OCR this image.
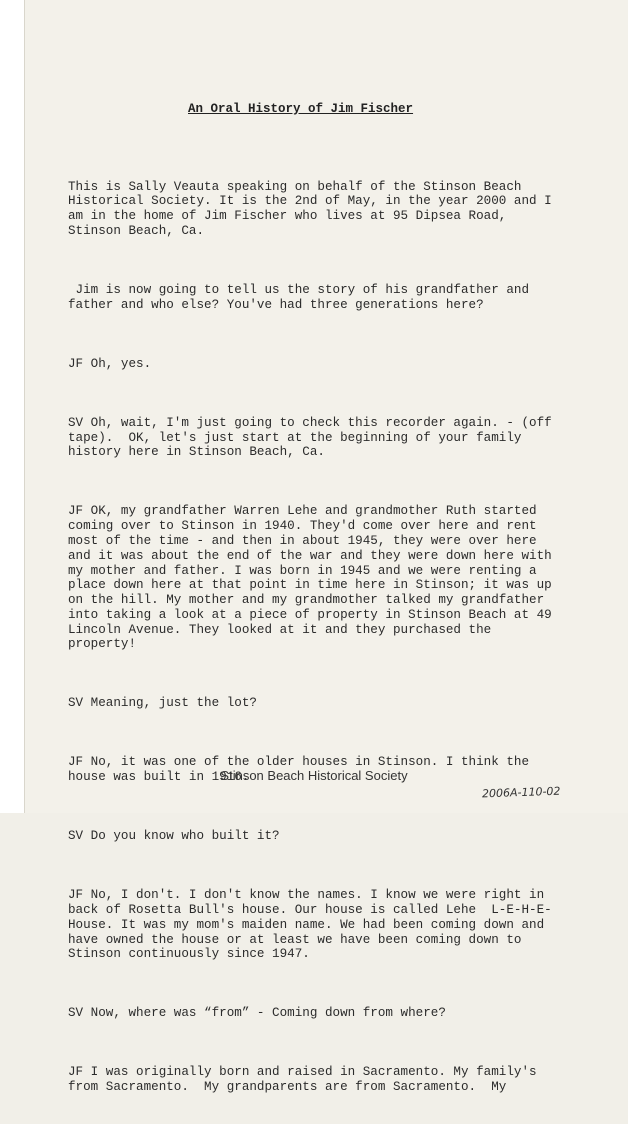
An Oral History of Jim Fischer

This is Sally Veauta speaking on behalf of the Stinson Beach
Historical Society. It is the 2nd of May, in the year 2000 and I
am in the home of Jim Fischer who lives at 95 Dipsea Road,
Stinson Beach, Ca.

Jim is now going to tell us the story of his grandfather and
father and who else? You've had three generations here?

JF Oh, yes.

SV Oh, wait, I'm just going to check this recorder again. - (off
tape).  OK, let's just start at the beginning of your family
history here in Stinson Beach, Ca.

JF OK, my grandfather Warren Lehe and grandmother Ruth started
coming over to Stinson in 1940. They'd come over here and rent
most of the time - and then in about 1945, they were over here
and it was about the end of the war and they were down here with
my mother and father. I was born in 1945 and we were renting a
place down here at that point in time here in Stinson; it was up
on the hill. My mother and my grandmother talked my grandfather
into taking a look at a piece of property in Stinson Beach at 49
Lincoln Avenue. They looked at it and they purchased the
property!

SV Meaning, just the lot?

JF No, it was one of the older houses in Stinson. I think the
house was built in 1916.

SV Do you know who built it?

JF No, I don't. I don't know the names. I know we were right in
back of Rosetta Bull's house. Our house is called Lehe  L-E-H-E-
House. It was my mom's maiden name. We had been coming down and
have owned the house or at least we have been coming down to
Stinson continuously since 1947.

SV Now, where was “from” - Coming down from where?

JF I was originally born and raised in Sacramento. My family's
from Sacramento.  My grandparents are from Sacramento.  My

Stinson Beach Historical Society
2006A-110-02
